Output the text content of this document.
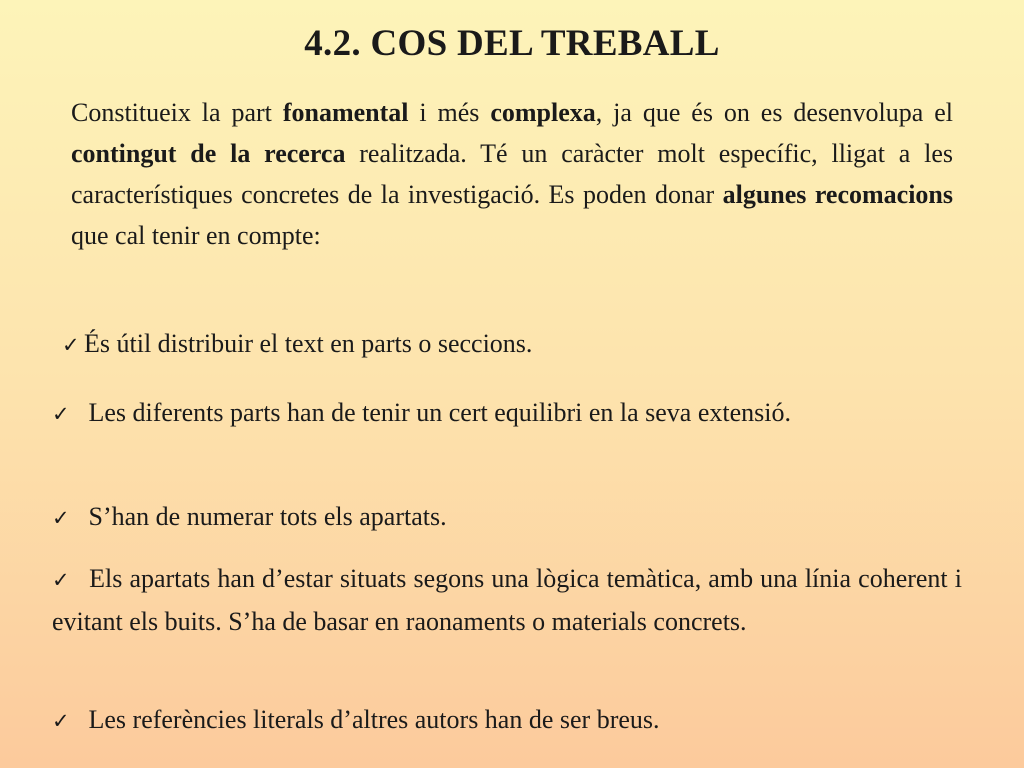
4.2. COS DEL TREBALL

Constitueix la part fonamental i més complexa, ja que és on es desenvolupa el contingut de la recerca realitzada. Té un caràcter molt específic, lligat a les característiques concretes de la investigació. Es poden donar algunes recomacions que cal tenir en compte:

✓ És útil distribuir el text en parts o seccions.

✓ Les diferents parts han de tenir un cert equilibri en la seva extensió.

✓ S’han de numerar tots els apartats.

✓ Els apartats han d’estar situats segons una lògica temàtica, amb una línia coherent i evitant els buits. S’ha de basar en raonaments o materials concrets.

✓ Les referències literals d’altres autors han de ser breus.
